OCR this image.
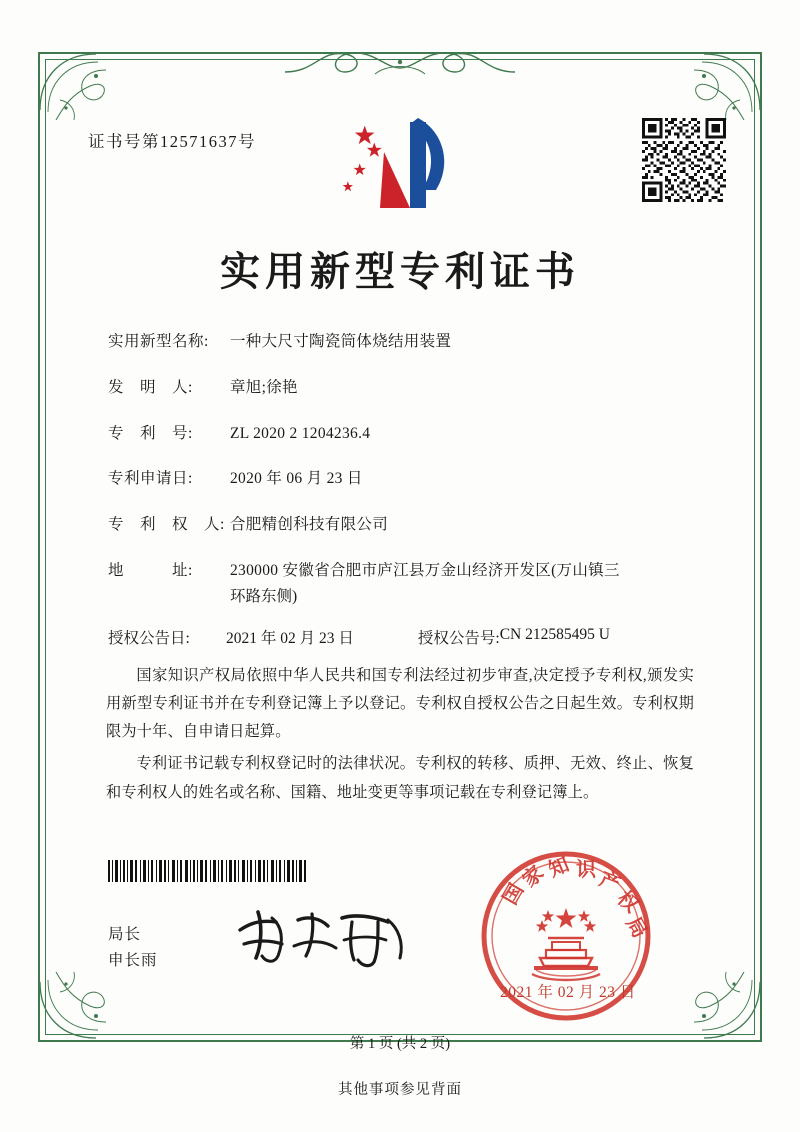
证书号第12571637号
实用新型专利证书
实用新型名称:	一种大尺寸陶瓷筒体烧结用装置
发　明　人:	章旭;徐艳
专　利　号:	ZL 2020 2 1204236.4
专利申请日:	2020 年 06 月 23 日
专　利　权　人: 合肥精创科技有限公司
地　　　址:	230000 安徽省合肥市庐江县万金山经济开发区(万山镇三
环路东侧)
授权公告日:	2021 年 02 月 23 日	授权公告号: CN 212585495 U

国家知识产权局依照中华人民共和国专利法经过初步审查,决定授予专利权,颁发实用新型专利证书并在专利登记簿上予以登记。专利权自授权公告之日起生效。专利权期限为十年、自申请日起算。

专利证书记载专利权登记时的法律状况。专利权的转移、质押、无效、终止、恢复和专利权人的姓名或名称、国籍、地址变更等事项记载在专利登记簿上。

局长
申长雨
国
家
知 识 产
权
局
2021 年 02 月 23 日
第 1 页 (共 2 页)
其他事项参见背面
